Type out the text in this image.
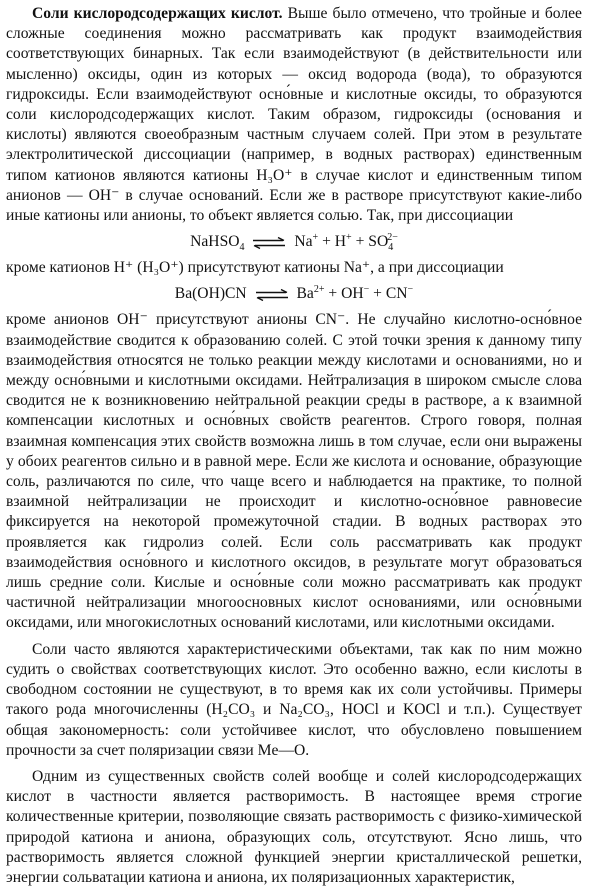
Соли кислородсодержащих кислот. Выше было отмечено, что тройные и более сложные соединения можно рассматривать как продукт взаимодействия соответствующих бинарных. Так если взаимодействуют (в действительности или мысленно) оксиды, один из которых — оксид водорода (вода), то образуются гидроксиды. Если взаимодействуют осно́вные и кислотные оксиды, то образуются соли кислородсодержащих кислот. Таким образом, гидроксиды (основания и кислоты) являются своеобразным частным случаем солей. При этом в результате электролитической диссоциации (например, в водных растворах) единственным типом катионов являются катионы H₃O⁺ в случае кислот и единственным типом анионов — OH⁻ в случае оснований. Если же в растворе присутствуют какие-либо иные катионы или анионы, то объект является солью. Так, при диссоциации

NaHSO$_4$ ⇌ $Na^+ + H^+ + SO_4^{2-}$

кроме катионов H⁺ (H₃O⁺) присутствуют катионы Na⁺, а при диссоциации

Ba(OH)CN ⇌ $Ba^{2+} + OH^- + CN^-$

кроме анионов OH⁻ присутствуют анионы CN⁻. Не случайно кислотно-осно́вное взаимодействие сводится к образованию солей. С этой точки зрения к данному типу взаимодействия относятся не только реакции между кислотами и основаниями, но и между осно́вными и кислотными оксидами. Нейтрализация в широком смысле слова сводится не к возникновению нейтральной реакции среды в растворе, а к взаимной компенсации кислотных и осно́вных свойств реагентов. Строго говоря, полная взаимная компенсация этих свойств возможна лишь в том случае, если они выражены у обоих реагентов сильно и в равной мере. Если же кислота и основание, образующие соль, различаются по силе, что чаще всего и наблюдается на практике, то полной взаимной нейтрализации не происходит и кислотно-осно́вное равновесие фиксируется на некоторой промежуточной стадии. В водных растворах это проявляется как гидролиз солей. Если соль рассматривать как продукт взаимодействия осно́вного и кислотного оксидов, в результате могут образоваться лишь средние соли. Кислые и осно́вные соли можно рассматривать как продукт частичной нейтрализации многоосновных кислот основаниями, или осно́вными оксидами, или многокислотных оснований кислотами, или кислотными оксидами.

Соли часто являются характеристическими объектами, так как по ним можно судить о свойствах соответствующих кислот. Это особенно важно, если кислоты в свободном состоянии не существуют, в то время как их соли устойчивы. Примеры такого рода многочисленны (H₂CO₃ и Na₂CO₃, HOCl и KOCl и т.п.). Существует общая закономерность: соли устойчивее кислот, что обусловлено повышением прочности за счет поляризации связи Me—O.

Одним из существенных свойств солей вообще и солей кислородсодержащих кислот в частности является растворимость. В настоящее время строгие количественные критерии, позволяющие связать растворимость с физико-химической природой катиона и аниона, образующих соль, отсутствуют. Ясно лишь, что растворимость является сложной функцией энергии кристаллической решетки, энергии сольватации катиона и аниона, их поляризационных характеристик,
